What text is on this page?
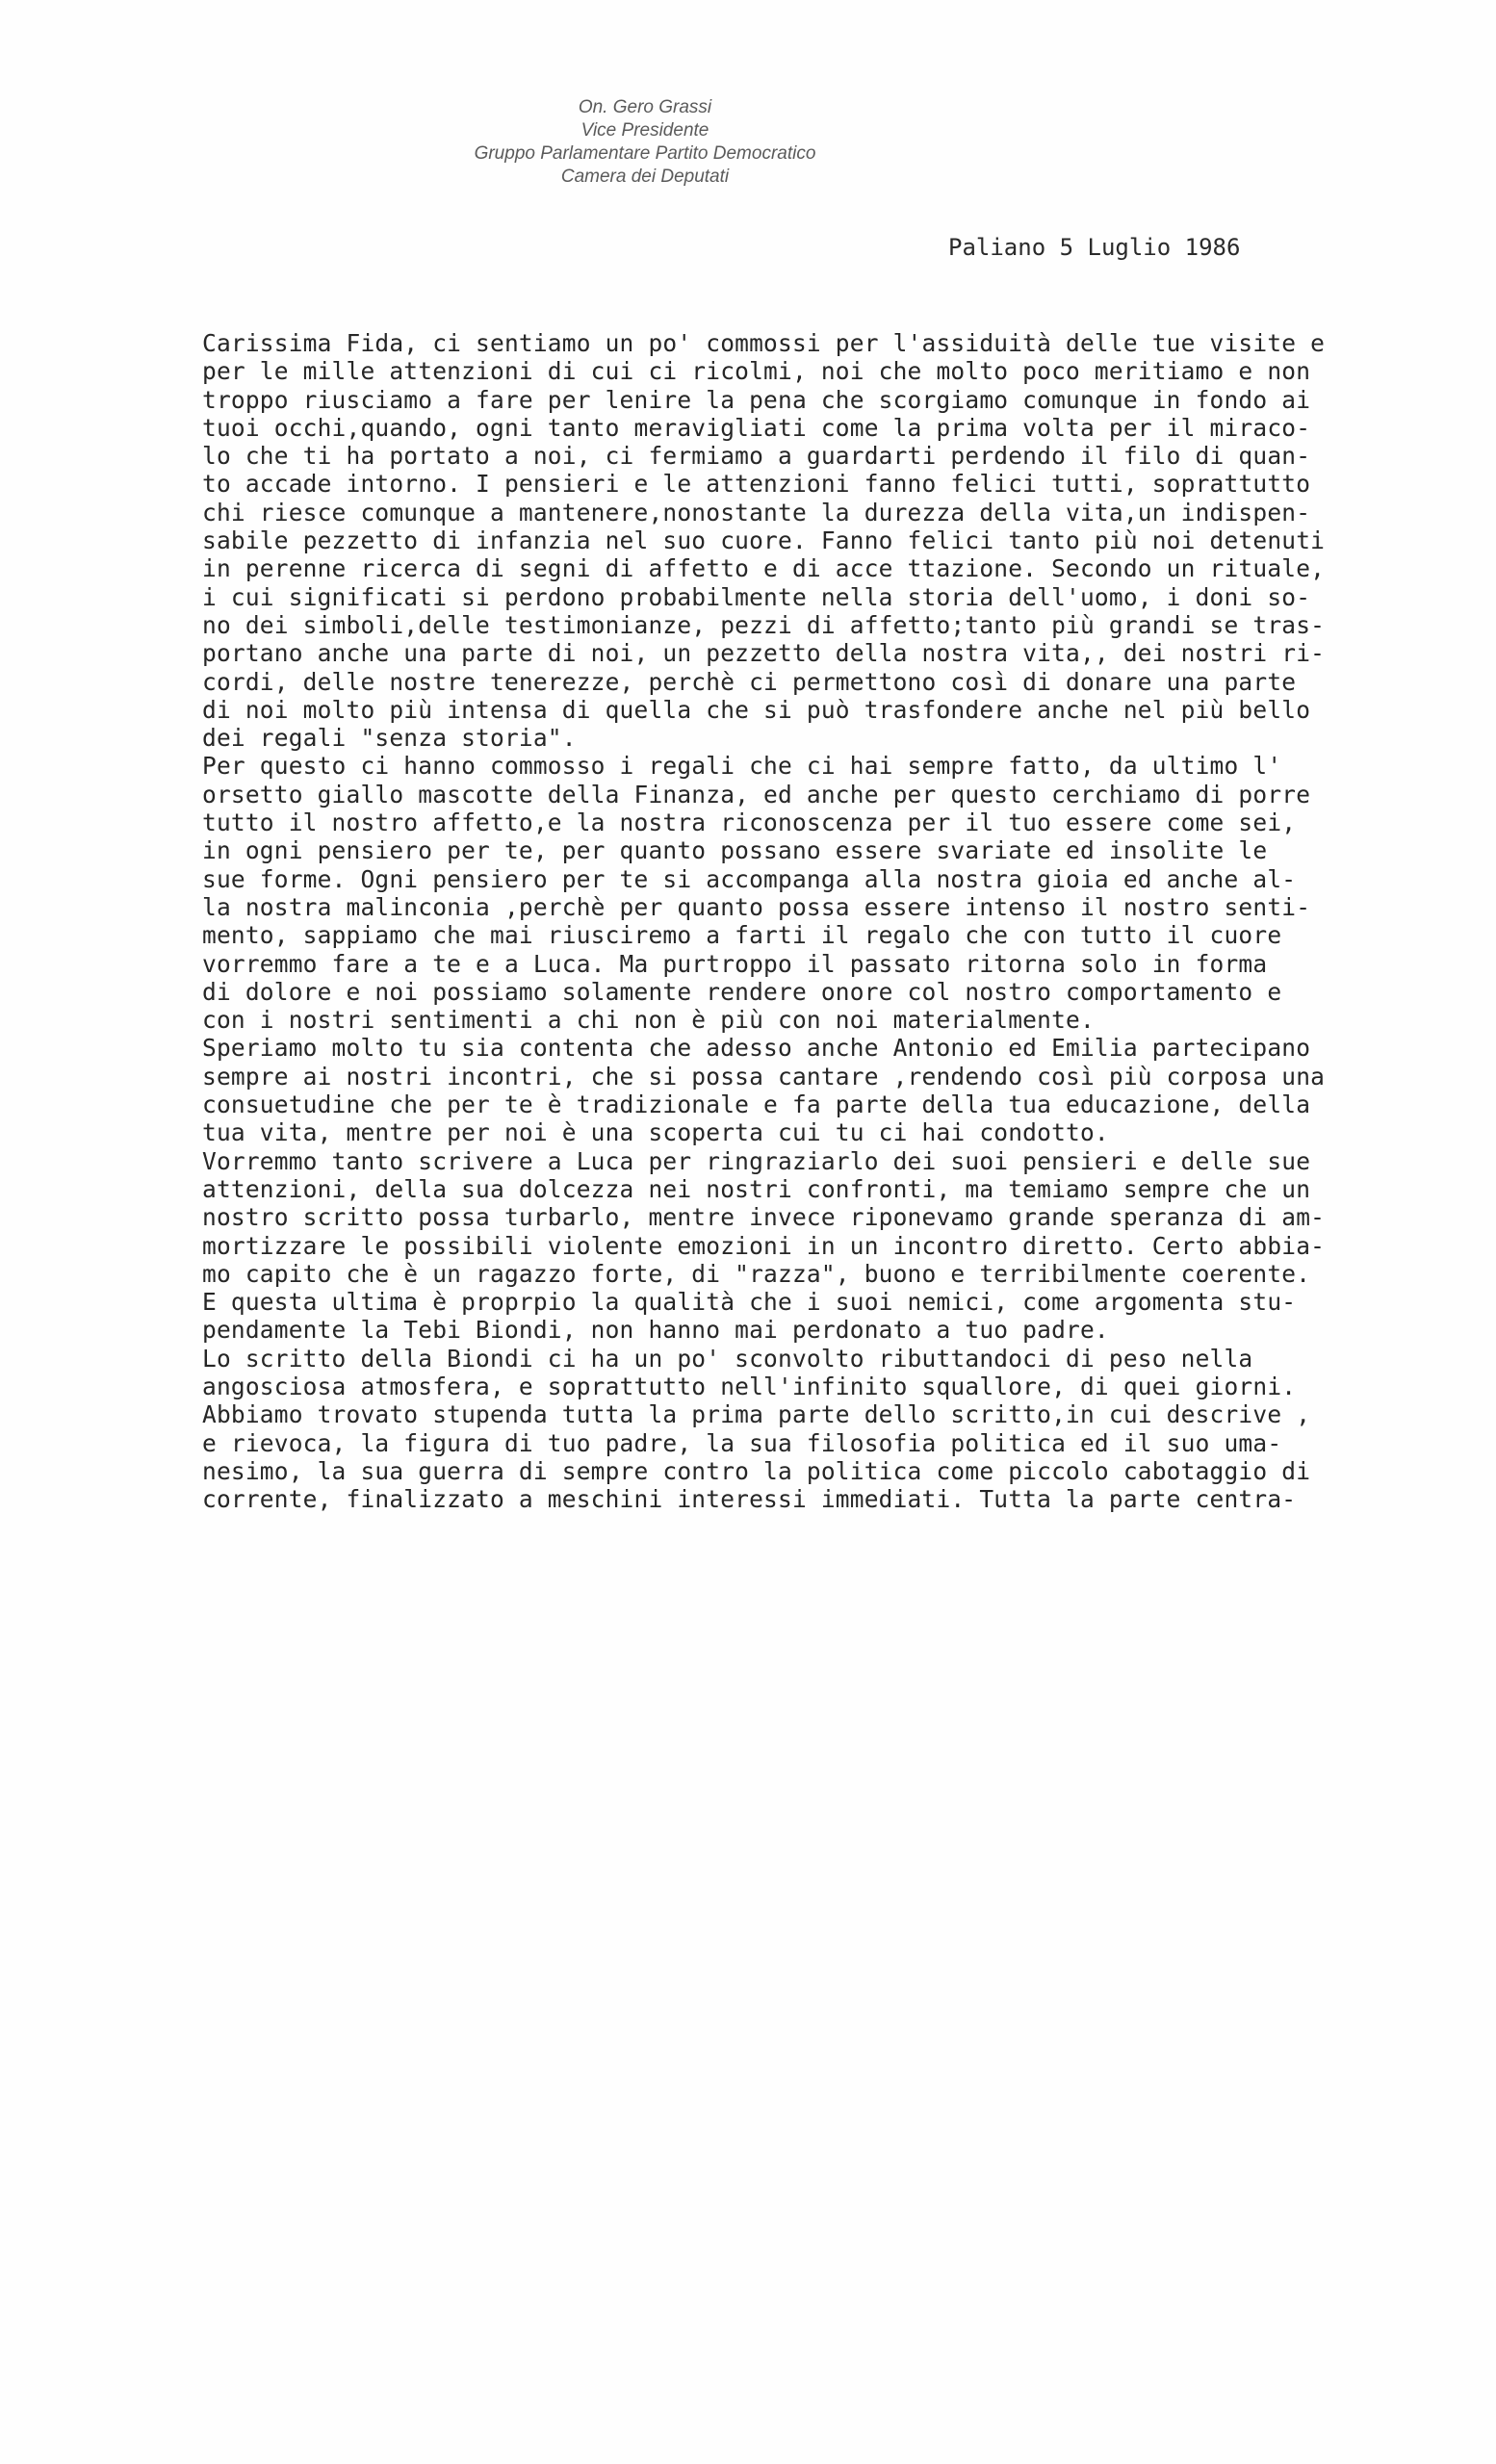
On. Gero Grassi
Vice Presidente
Gruppo Parlamentare Partito Democratico
Camera dei Deputati
Paliano 5 Luglio 1986
Carissima Fida, ci sentiamo un po' commossi per l'assiduità delle tue visite e
per le mille attenzioni di cui ci ricolmi, noi che molto poco meritiamo e non
troppo riusciamo a fare per lenire la pena che scorgiamo comunque in fondo ai
tuoi occhi,quando, ogni tanto meravigliati come la prima volta per il miraco-
lo che ti ha portato a noi, ci fermiamo a guardarti perdendo il filo di quan-
to accade intorno. I pensieri e le attenzioni fanno felici tutti, soprattutto
chi riesce comunque a mantenere,nonostante la durezza della vita,un indispen-
sabile pezzetto di infanzia nel suo cuore. Fanno felici tanto più noi detenuti
in perenne ricerca di segni di affetto e di acce ttazione. Secondo un rituale,
i cui significati si perdono probabilmente nella storia dell'uomo, i doni so-
no dei simboli,delle testimonianze, pezzi di affetto;tanto più grandi se tras-
portano anche una parte di noi, un pezzetto della nostra vita,, dei nostri ri-
cordi, delle nostre tenerezze, perchè ci permettono così di donare una parte
di noi molto più intensa di quella che si può trasfondere anche nel più bello
dei regali "senza storia".
Per questo ci hanno commosso i regali che ci hai sempre fatto, da ultimo l'
orsetto giallo mascotte della Finanza, ed anche per questo cerchiamo di porre
tutto il nostro affetto,e la nostra riconoscenza per il tuo essere come sei,
in ogni pensiero per te, per quanto possano essere svariate ed insolite le
sue forme. Ogni pensiero per te si accompanga alla nostra gioia ed anche al-
la nostra malinconia ,perchè per quanto possa essere intenso il nostro senti-
mento, sappiamo che mai riusciremo a farti il regalo che con tutto il cuore
vorremmo fare a te e a Luca. Ma purtroppo il passato ritorna solo in forma
di dolore e noi possiamo solamente rendere onore col nostro comportamento e
con i nostri sentimenti a chi non è più con noi materialmente.
Speriamo molto tu sia contenta che adesso anche Antonio ed Emilia partecipano
sempre ai nostri incontri, che si possa cantare ,rendendo così più corposa una
consuetudine che per te è tradizionale e fa parte della tua educazione, della
tua vita, mentre per noi è una scoperta cui tu ci hai condotto.
Vorremmo tanto scrivere a Luca per ringraziarlo dei suoi pensieri e delle sue
attenzioni, della sua dolcezza nei nostri confronti, ma temiamo sempre che un
nostro scritto possa turbarlo, mentre invece riponevamo grande speranza di am-
mortizzare le possibili violente emozioni in un incontro diretto. Certo abbia-
mo capito che è un ragazzo forte, di "razza", buono e terribilmente coerente.
E questa ultima è proprpio la qualità che i suoi nemici, come argomenta stu-
pendamente la Tebi Biondi, non hanno mai perdonato a tuo padre.
Lo scritto della Biondi ci ha un po' sconvolto ributtandoci di peso nella
angosciosa atmosfera, e soprattutto nell'infinito squallore, di quei giorni.
Abbiamo trovato stupenda tutta la prima parte dello scritto,in cui descrive ,
e rievoca, la figura di tuo padre, la sua filosofia politica ed il suo uma-
nesimo, la sua guerra di sempre contro la politica come piccolo cabotaggio di
corrente, finalizzato a meschini interessi immediati. Tutta la parte centra-
